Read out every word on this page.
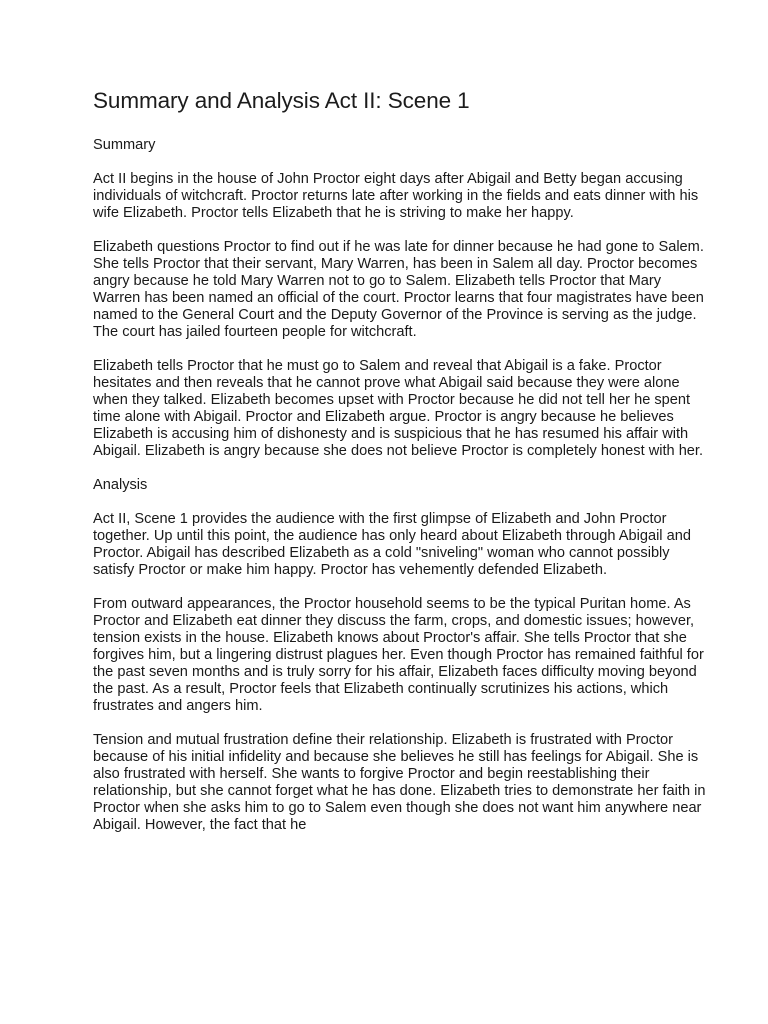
Summary and Analysis Act II: Scene 1
Summary

Act II begins in the house of John Proctor eight days after Abigail and Betty began accusing individuals of witchcraft. Proctor returns late after working in the fields and eats dinner with his wife Elizabeth. Proctor tells Elizabeth that he is striving to make her happy.

Elizabeth questions Proctor to find out if he was late for dinner because he had gone to Salem. She tells Proctor that their servant, Mary Warren, has been in Salem all day. Proctor becomes angry because he told Mary Warren not to go to Salem. Elizabeth tells Proctor that Mary Warren has been named an official of the court. Proctor learns that four magistrates have been named to the General Court and the Deputy Governor of the Province is serving as the judge. The court has jailed fourteen people for witchcraft.

Elizabeth tells Proctor that he must go to Salem and reveal that Abigail is a fake. Proctor hesitates and then reveals that he cannot prove what Abigail said because they were alone when they talked. Elizabeth becomes upset with Proctor because he did not tell her he spent time alone with Abigail. Proctor and Elizabeth argue. Proctor is angry because he believes Elizabeth is accusing him of dishonesty and is suspicious that he has resumed his affair with Abigail. Elizabeth is angry because she does not believe Proctor is completely honest with her.

Analysis

Act II, Scene 1 provides the audience with the first glimpse of Elizabeth and John Proctor together. Up until this point, the audience has only heard about Elizabeth through Abigail and Proctor. Abigail has described Elizabeth as a cold "sniveling" woman who cannot possibly satisfy Proctor or make him happy. Proctor has vehemently defended Elizabeth.

From outward appearances, the Proctor household seems to be the typical Puritan home. As Proctor and Elizabeth eat dinner they discuss the farm, crops, and domestic issues; however, tension exists in the house. Elizabeth knows about Proctor's affair. She tells Proctor that she forgives him, but a lingering distrust plagues her. Even though Proctor has remained faithful for the past seven months and is truly sorry for his affair, Elizabeth faces difficulty moving beyond the past. As a result, Proctor feels that Elizabeth continually scrutinizes his actions, which frustrates and angers him.

Tension and mutual frustration define their relationship. Elizabeth is frustrated with Proctor because of his initial infidelity and because she believes he still has feelings for Abigail. She is also frustrated with herself. She wants to forgive Proctor and begin reestablishing their relationship, but she cannot forget what he has done. Elizabeth tries to demonstrate her faith in Proctor when she asks him to go to Salem even though she does not want him anywhere near Abigail. However, the fact that he
